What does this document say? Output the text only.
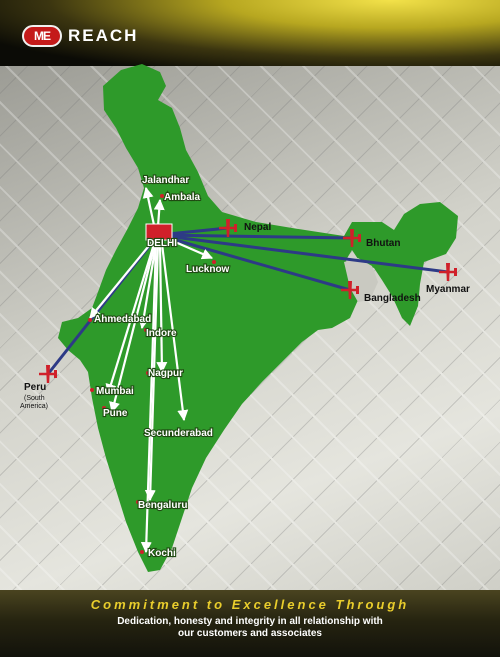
ME	REACH
DELHI
Jalandhar
Ambala
Lucknow
Ahmedabad
Indore
Nagpur
Mumbai
Pune
Secunderabad
Bengaluru
Kochi
Nepal
Bhutan
Myanmar
Bangladesh
Peru
(South
America)
Commitment to Excellence Through
Dedication, honesty and integrity in all relationship with
our customers and associates
